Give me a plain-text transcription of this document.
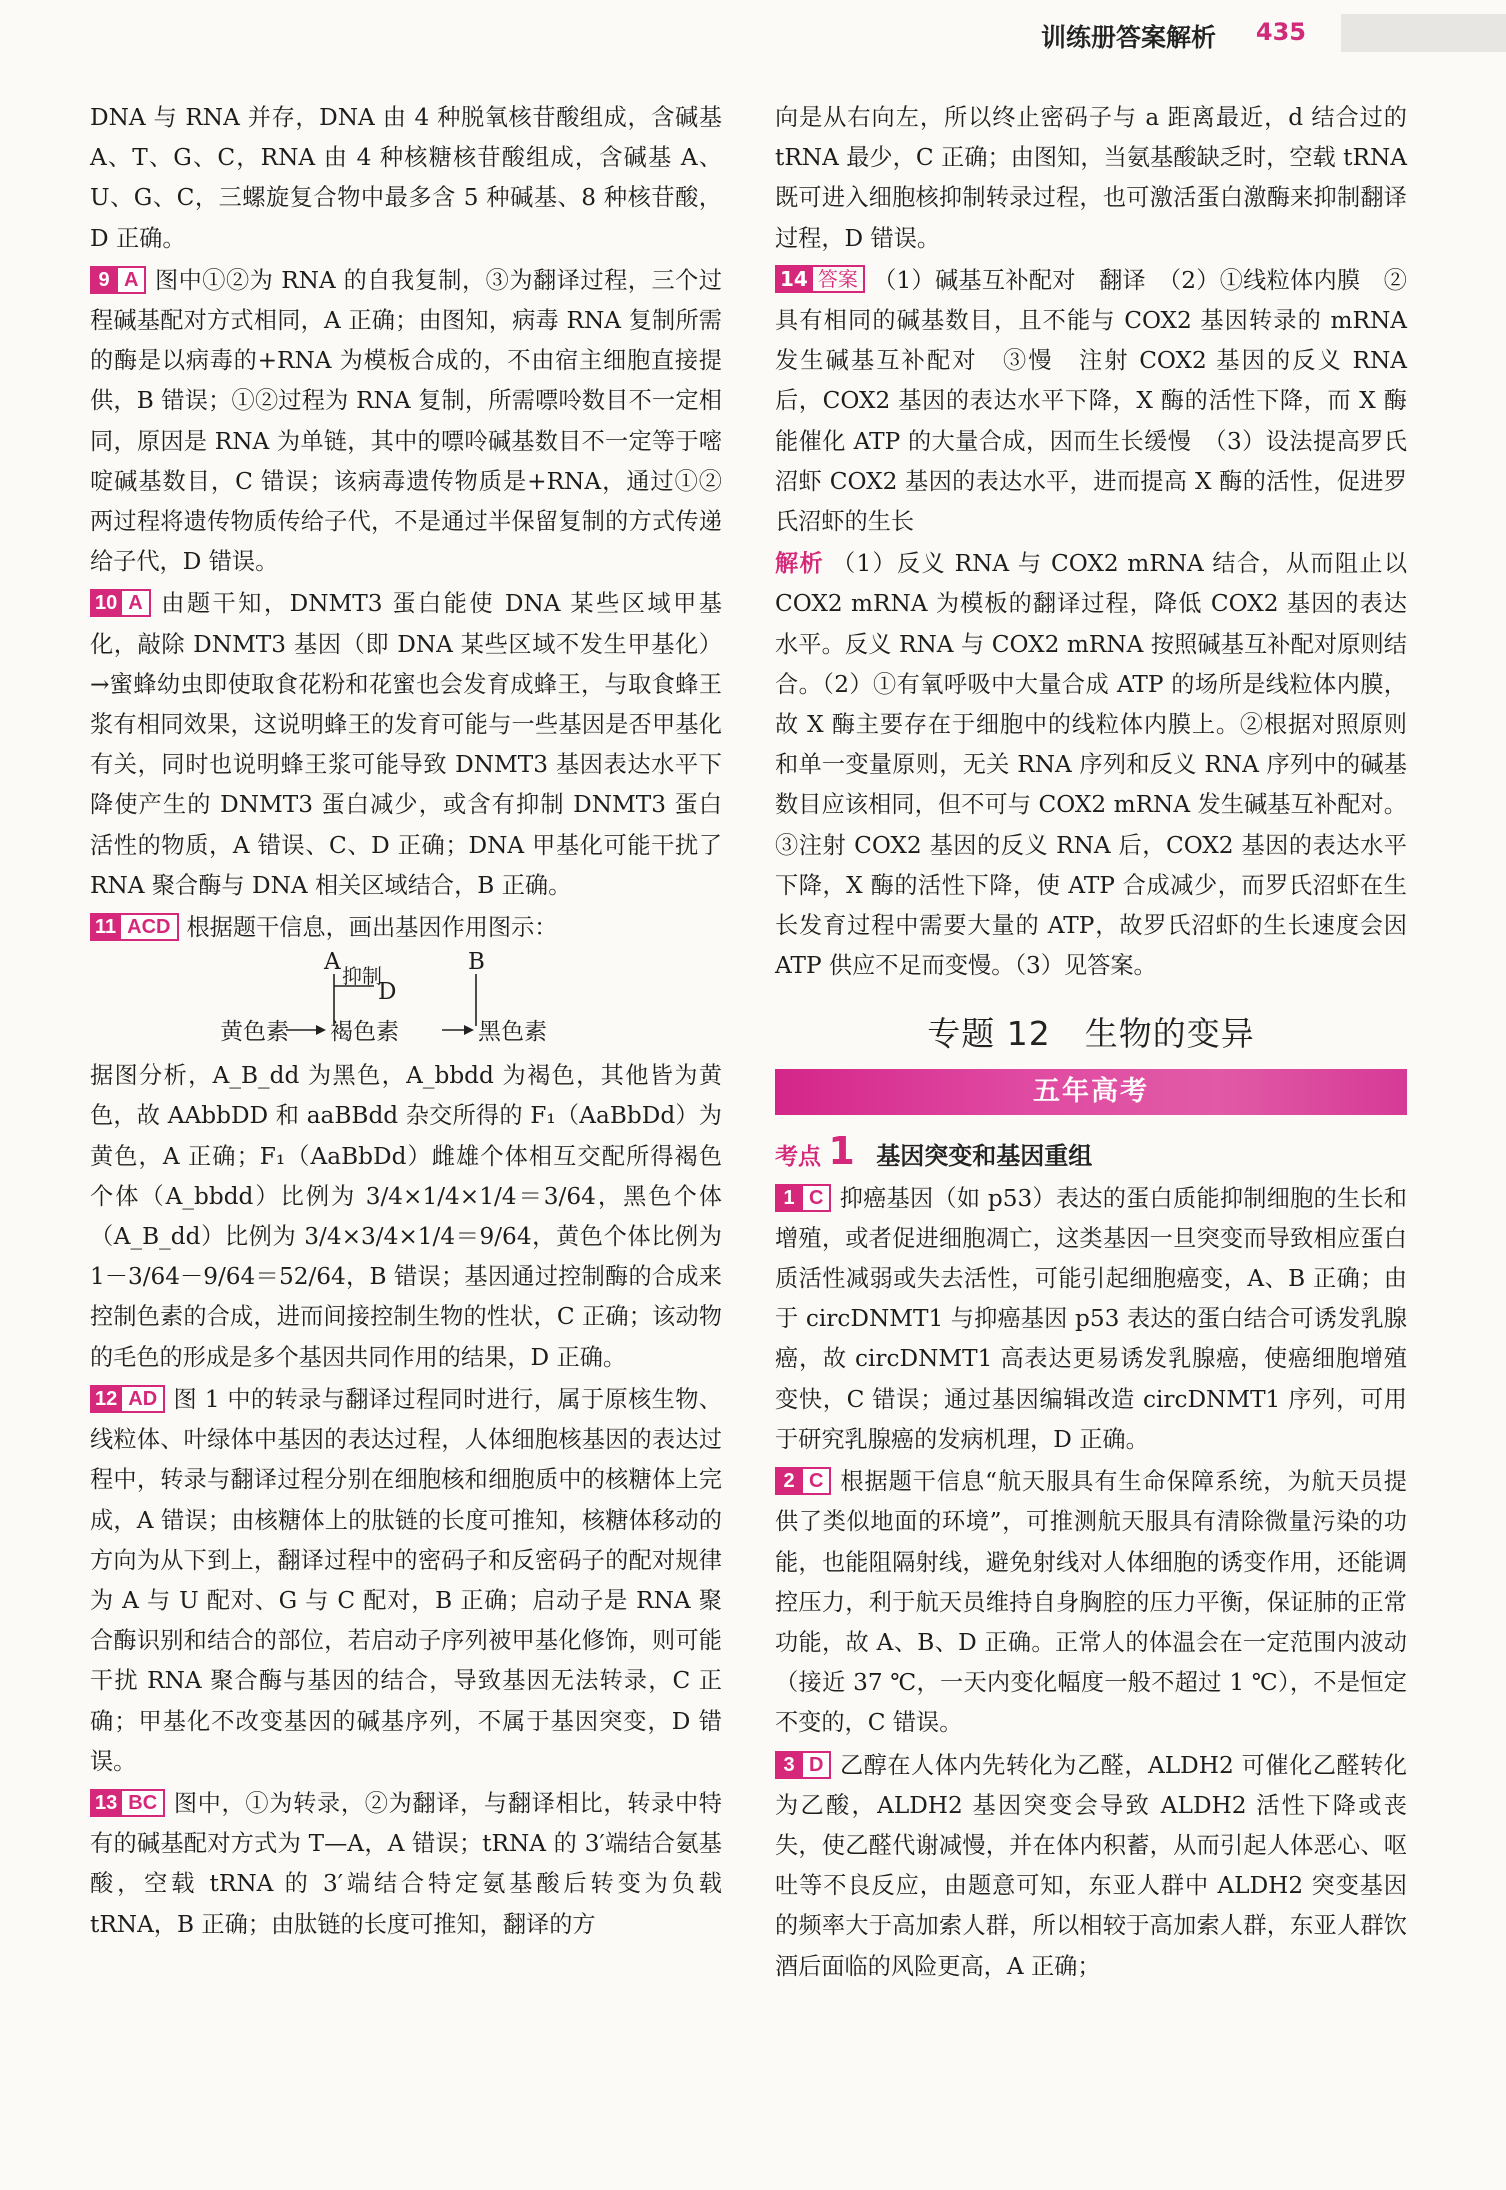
训练册答案解析 435

DNA 与 RNA 并存，DNA 由 4 种脱氧核苷酸组成，含碱基 A、T、G、C，RNA 由 4 种核糖核苷酸组成，含碱基 A、U、G、C，三螺旋复合物中最多含 5 种碱基、8 种核苷酸，D 正确。

9 A 图中①②为 RNA 的自我复制，③为翻译过程，三个过程碱基配对方式相同，A 正确；由图知，病毒 RNA 复制所需的酶是以病毒的+RNA 为模板合成的，不由宿主细胞直接提供，B 错误；①②过程为 RNA 复制，所需嘌呤数目不一定相同，原因是 RNA 为单链，其中的嘌呤碱基数目不一定等于嘧啶碱基数目，C 错误；该病毒遗传物质是+RNA，通过①②两过程将遗传物质传给子代，不是通过半保留复制的方式传递给子代，D 错误。

10 A 由题干知，DNMT3 蛋白能使 DNA 某些区域甲基化，敲除 DNMT3 基因（即 DNA 某些区域不发生甲基化）→蜜蜂幼虫即使取食花粉和花蜜也会发育成蜂王，与取食蜂王浆有相同效果，这说明蜂王的发育可能与一些基因是否甲基化有关，同时也说明蜂王浆可能导致 DNMT3 基因表达水平下降使产生的 DNMT3 蛋白减少，或含有抑制 DNMT3 蛋白活性的物质，A 错误、C、D 正确；DNA 甲基化可能干扰了 RNA 聚合酶与 DNA 相关区域结合，B 正确。

11 ACD 根据题干信息，画出基因作用图示：

A
抑制
D
B
黄色素 褐色素	黑色素

据图分析，A_B_dd 为黑色，A_bbdd 为褐色，其他皆为黄色，故 AAbbDD 和 aaBBdd 杂交所得的 F₁（AaBbDd）为黄色，A 正确；F₁（AaBbDd）雌雄个体相互交配所得褐色个体（A_bbdd）比例为 3/4×1/4×1/4＝3/64，黑色个体（A_B_dd）比例为 3/4×3/4×1/4＝9/64，黄色个体比例为 1－3/64－9/64＝52/64，B 错误；基因通过控制酶的合成来控制色素的合成，进而间接控制生物的性状，C 正确；该动物的毛色的形成是多个基因共同作用的结果，D 正确。

12 AD 图 1 中的转录与翻译过程同时进行，属于原核生物、线粒体、叶绿体中基因的表达过程，人体细胞核基因的表达过程中，转录与翻译过程分别在细胞核和细胞质中的核糖体上完成，A 错误；由核糖体上的肽链的长度可推知，核糖体移动的方向为从下到上，翻译过程中的密码子和反密码子的配对规律为 A 与 U 配对、G 与 C 配对，B 正确；启动子是 RNA 聚合酶识别和结合的部位，若启动子序列被甲基化修饰，则可能干扰 RNA 聚合酶与基因的结合，导致基因无法转录，C 正确；甲基化不改变基因的碱基序列，不属于基因突变，D 错误。

13 BC 图中，①为转录，②为翻译，与翻译相比，转录中特有的碱基配对方式为 T—A，A 错误；tRNA 的 3′端结合氨基酸，空载 tRNA 的 3′端结合特定氨基酸后转变为负载 tRNA，B 正确；由肽链的长度可推知，翻译的方

向是从右向左，所以终止密码子与 a 距离最近，d 结合过的 tRNA 最少，C 正确；由图知，当氨基酸缺乏时，空载 tRNA 既可进入细胞核抑制转录过程，也可激活蛋白激酶来抑制翻译过程，D 错误。

14 答案 （1）碱基互补配对　翻译　（2）①线粒体内膜　②具有相同的碱基数目，且不能与 COX2 基因转录的 mRNA 发生碱基互补配对　③慢　注射 COX2 基因的反义 RNA 后，COX2 基因的表达水平下降，X 酶的活性下降，而 X 酶能催化 ATP 的大量合成，因而生长缓慢　（3）设法提高罗氏沼虾 COX2 基因的表达水平，进而提高 X 酶的活性，促进罗氏沼虾的生长

解析 （1）反义 RNA 与 COX2 mRNA 结合，从而阻止以 COX2 mRNA 为模板的翻译过程，降低 COX2 基因的表达水平。反义 RNA 与 COX2 mRNA 按照碱基互补配对原则结合。（2）①有氧呼吸中大量合成 ATP 的场所是线粒体内膜，故 X 酶主要存在于细胞中的线粒体内膜上。②根据对照原则和单一变量原则，无关 RNA 序列和反义 RNA 序列中的碱基数目应该相同，但不可与 COX2 mRNA 发生碱基互补配对。③注射 COX2 基因的反义 RNA 后，COX2 基因的表达水平下降，X 酶的活性下降，使 ATP 合成减少，而罗氏沼虾在生长发育过程中需要大量的 ATP，故罗氏沼虾的生长速度会因 ATP 供应不足而变慢。（3）见答案。

专题 12　生物的变异
五年高考
考点 1 基因突变和基因重组

1 C 抑癌基因（如 p53）表达的蛋白质能抑制细胞的生长和增殖，或者促进细胞凋亡，这类基因一旦突变而导致相应蛋白质活性减弱或失去活性，可能引起细胞癌变，A、B 正确；由于 circDNMT1 与抑癌基因 p53 表达的蛋白结合可诱发乳腺癌，故 circDNMT1 高表达更易诱发乳腺癌，使癌细胞增殖变快，C 错误；通过基因编辑改造 circDNMT1 序列，可用于研究乳腺癌的发病机理，D 正确。

2 C 根据题干信息“航天服具有生命保障系统，为航天员提供了类似地面的环境”，可推测航天服具有清除微量污染的功能，也能阻隔射线，避免射线对人体细胞的诱变作用，还能调控压力，利于航天员维持自身胸腔的压力平衡，保证肺的正常功能，故 A、B、D 正确。正常人的体温会在一定范围内波动（接近 37 ℃，一天内变化幅度一般不超过 1 ℃），不是恒定不变的，C 错误。

3 D 乙醇在人体内先转化为乙醛，ALDH2 可催化乙醛转化为乙酸，ALDH2 基因突变会导致 ALDH2 活性下降或丧失，使乙醛代谢减慢，并在体内积蓄，从而引起人体恶心、呕吐等不良反应，由题意可知，东亚人群中 ALDH2 突变基因的频率大于高加索人群，所以相较于高加索人群，东亚人群饮酒后面临的风险更高，A 正确；
